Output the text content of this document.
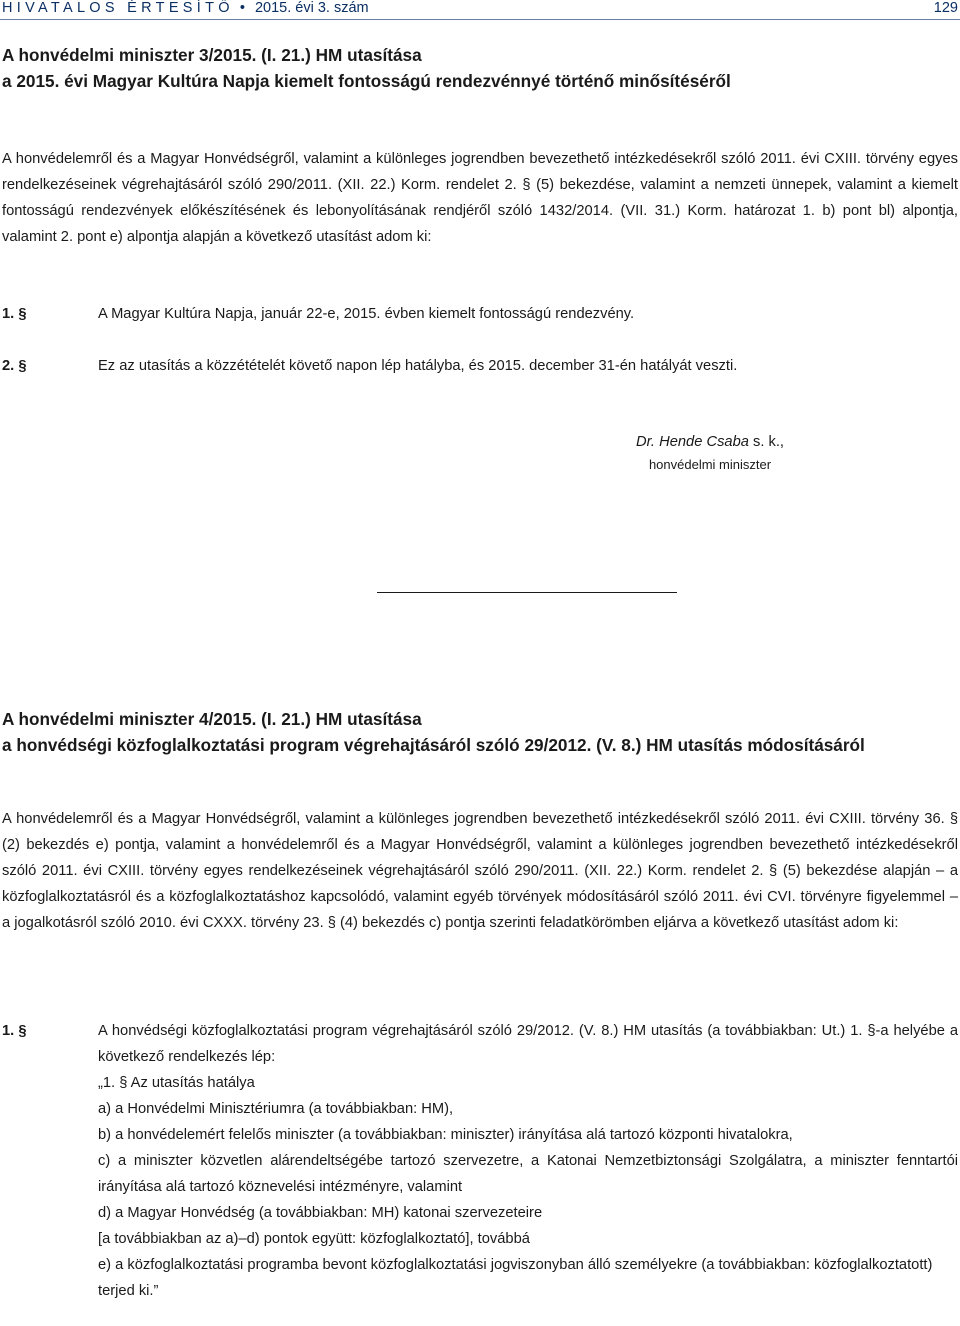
HIVATALOS ÉRTESÍTŐ • 2015. évi 3. szám	129
A honvédelmi miniszter 3/2015. (I. 21.) HM utasítása
a 2015. évi Magyar Kultúra Napja kiemelt fontosságú rendezvénnyé történő minősítéséről

A honvédelemről és a Magyar Honvédségről, valamint a különleges jogrendben bevezethető intézkedésekről szóló 2011. évi CXIII. törvény egyes rendelkezéseinek végrehajtásáról szóló 290/2011. (XII. 22.) Korm. rendelet 2. § (5) bekezdése, valamint a nemzeti ünnepek, valamint a kiemelt fontosságú rendezvények előkészítésének és lebonyolításának rendjéről szóló 1432/2014. (VII. 31.) Korm. határozat 1. b) pont bl) alpontja, valamint 2. pont e) alpontja alapján a következő utasítást adom ki:

1. §	A Magyar Kultúra Napja, január 22-e, 2015. évben kiemelt fontosságú rendezvény.
2. §	Ez az utasítás a közzétételét követő napon lép hatályba, és 2015. december 31-én hatályát veszti.
Dr. Hende Csaba s. k.,
honvédelmi miniszter
A honvédelmi miniszter 4/2015. (I. 21.) HM utasítása
a honvédségi közfoglalkoztatási program végrehajtásáról szóló 29/2012. (V. 8.) HM utasítás módosításáról

A honvédelemről és a Magyar Honvédségről, valamint a különleges jogrendben bevezethető intézkedésekről szóló 2011. évi CXIII. törvény 36. § (2) bekezdés e) pontja, valamint a honvédelemről és a Magyar Honvédségről, valamint a különleges jogrendben bevezethető intézkedésekről szóló 2011. évi CXIII. törvény egyes rendelkezéseinek végrehajtásáról szóló 290/2011. (XII. 22.) Korm. rendelet 2. § (5) bekezdése alapján – a közfoglalkoztatásról és a közfoglalkoztatáshoz kapcsolódó, valamint egyéb törvények módosításáról szóló 2011. évi CVI. törvényre figyelemmel – a jogalkotásról szóló 2010. évi CXXX. törvény 23. § (4) bekezdés c) pontja szerinti feladatkörömben eljárva a következő utasítást adom ki:

1. §	A honvédségi közfoglalkoztatási program végrehajtásáról szóló 29/2012. (V. 8.) HM utasítás (a továbbiakban: Ut.) 1. §-a helyébe a következő rendelkezés lép:
„1. § Az utasítás hatálya
a) a Honvédelmi Minisztériumra (a továbbiakban: HM),
b) a honvédelemért felelős miniszter (a továbbiakban: miniszter) irányítása alá tartozó központi hivatalokra,
c) a miniszter közvetlen alárendeltségébe tartozó szervezetre, a Katonai Nemzetbiztonsági Szolgálatra, a miniszter fenntartói irányítása alá tartozó köznevelési intézményre, valamint
d) a Magyar Honvédség (a továbbiakban: MH) katonai szervezeteire
[a továbbiakban az a)–d) pontok együtt: közfoglalkoztató], továbbá
e) a közfoglalkoztatási programba bevont közfoglalkoztatási jogviszonyban álló személyekre (a továbbiakban: közfoglalkoztatott)
terjed ki.”
